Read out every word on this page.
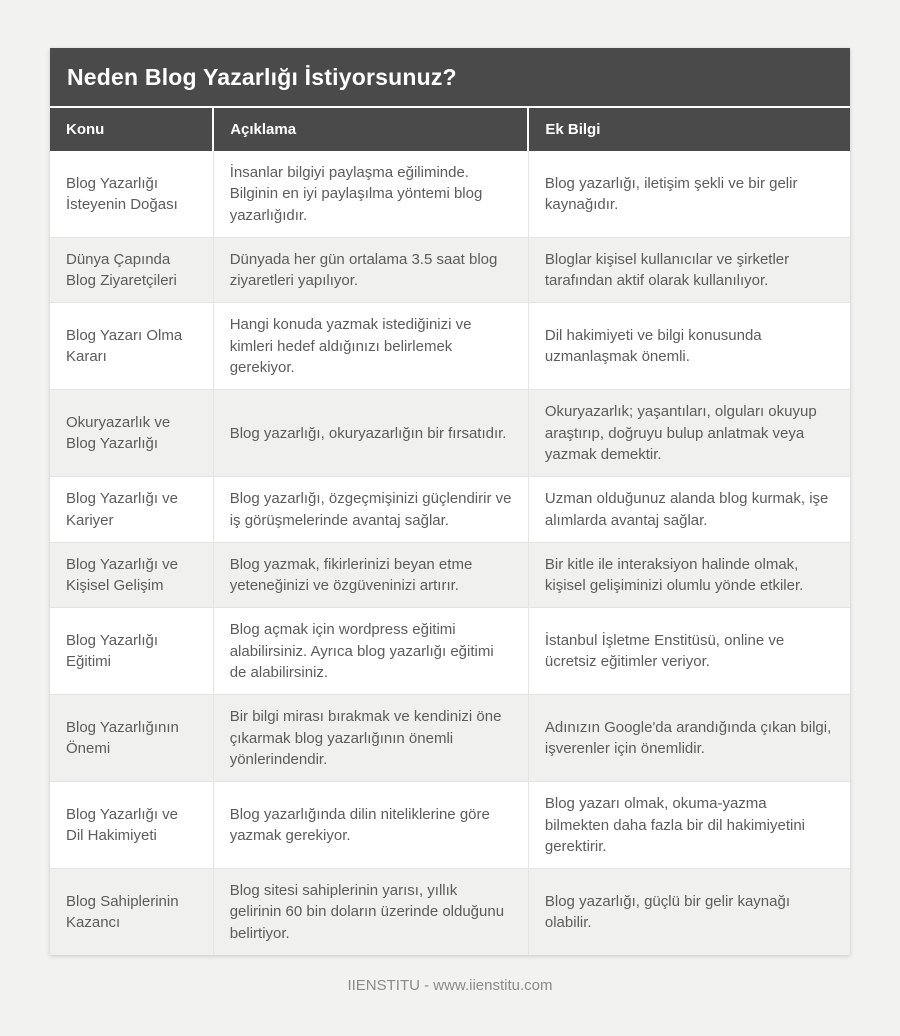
Neden Blog Yazarlığı İstiyorsunuz?
Konu	Açıklama	Ek Bilgi
Blog Yazarlığı İsteyenin Doğası	İnsanlar bilgiyi paylaşma eğiliminde. Bilginin en iyi paylaşılma yöntemi blog yazarlığıdır.	Blog yazarlığı, iletişim şekli ve bir gelir kaynağıdır.
Dünya Çapında Blog Ziyaretçileri	Dünyada her gün ortalama 3.5 saat blog ziyaretleri yapılıyor.	Bloglar kişisel kullanıcılar ve şirketler tarafından aktif olarak kullanılıyor.
Blog Yazarı Olma Kararı	Hangi konuda yazmak istediğinizi ve kimleri hedef aldığınızı belirlemek gerekiyor.	Dil hakimiyeti ve bilgi konusunda uzmanlaşmak önemli.
Okuryazarlık ve Blog Yazarlığı	Blog yazarlığı, okuryazarlığın bir fırsatıdır.	Okuryazarlık; yaşantıları, olguları okuyup araştırıp, doğruyu bulup anlatmak veya yazmak demektir.
Blog Yazarlığı ve Kariyer	Blog yazarlığı, özgeçmişinizi güçlendirir ve iş görüşmelerinde avantaj sağlar.	Uzman olduğunuz alanda blog kurmak, işe alımlarda avantaj sağlar.
Blog Yazarlığı ve Kişisel Gelişim	Blog yazmak, fikirlerinizi beyan etme yeteneğinizi ve özgüveninizi artırır.	Bir kitle ile interaksiyon halinde olmak, kişisel gelişiminizi olumlu yönde etkiler.
Blog Yazarlığı Eğitimi	Blog açmak için wordpress eğitimi alabilirsiniz. Ayrıca blog yazarlığı eğitimi de alabilirsiniz.	İstanbul İşletme Enstitüsü, online ve ücretsiz eğitimler veriyor.
Blog Yazarlığının Önemi	Bir bilgi mirası bırakmak ve kendinizi öne çıkarmak blog yazarlığının önemli yönlerindendir.	Adınızın Google'da arandığında çıkan bilgi, işverenler için önemlidir.
Blog Yazarlığı ve Dil Hakimiyeti	Blog yazarlığında dilin niteliklerine göre yazmak gerekiyor.	Blog yazarı olmak, okuma-yazma bilmekten daha fazla bir dil hakimiyetini gerektirir.
Blog Sahiplerinin Kazancı	Blog sitesi sahiplerinin yarısı, yıllık gelirinin 60 bin doların üzerinde olduğunu belirtiyor.	Blog yazarlığı, güçlü bir gelir kaynağı olabilir.
IIENSTITU - www.iienstitu.com
